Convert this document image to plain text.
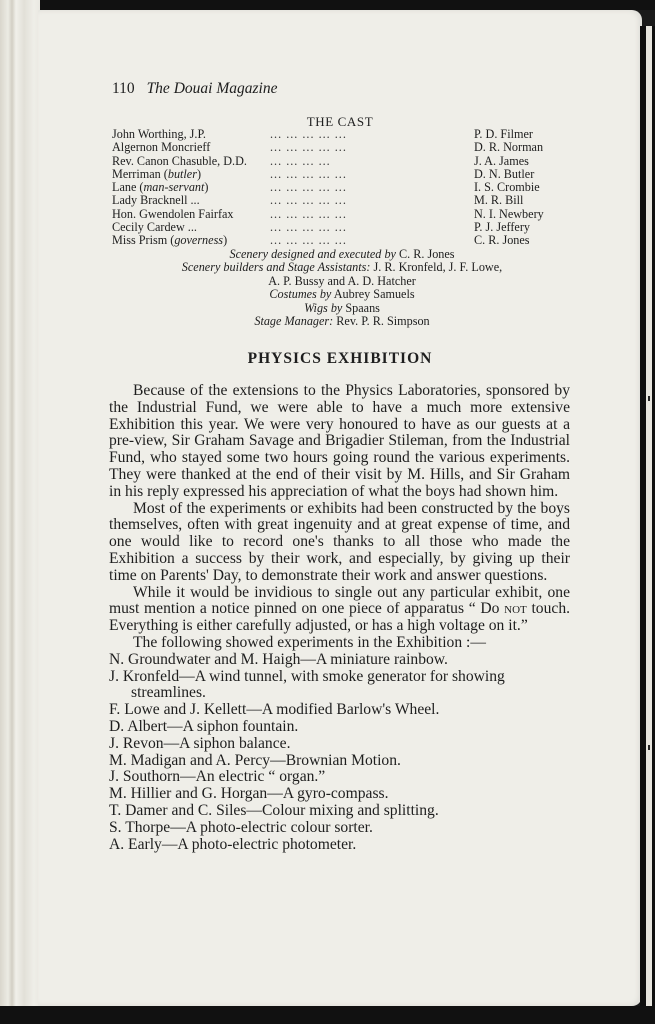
110 The Douai Magazine
THE CAST
John Worthing, J.P.	... ... ... ... ...	P. D. Filmer
Algernon Moncrieff	... ... ... ... ...	D. R. Norman
Rev. Canon Chasuble, D.D.	... ... ... ...	J. A. James
Merriman (butler)	... ... ... ... ...	D. N. Butler
Lane (man-servant)	... ... ... ... ...	I. S. Crombie
Lady Bracknell ...	... ... ... ... ...	M. R. Bill
Hon. Gwendolen Fairfax	... ... ... ... ...	N. I. Newbery
Cecily Cardew ...	... ... ... ... ...	P. J. Jeffery
Miss Prism (governess)	... ... ... ... ...	C. R. Jones
Scenery designed and executed by C. R. Jones
Scenery builders and Stage Assistants: J. R. Kronfeld, J. F. Lowe,
A. P. Bussy and A. D. Hatcher
Costumes by Aubrey Samuels
Wigs by Spaans
Stage Manager: Rev. P. R. Simpson
PHYSICS EXHIBITION

Because of the extensions to the Physics Laboratories, sponsored by the Industrial Fund, we were able to have a much more extensive Exhibition this year. We were very honoured to have as our guests at a pre-view, Sir Graham Savage and Brigadier Stileman, from the Industrial Fund, who stayed some two hours going round the various experiments. They were thanked at the end of their visit by M. Hills, and Sir Graham in his reply expressed his appreciation of what the boys had shown him.

Most of the experiments or exhibits had been constructed by the boys themselves, often with great ingenuity and at great expense of time, and one would like to record one's thanks to all those who made the Exhibition a success by their work, and especially, by giving up their time on Parents' Day, to demonstrate their work and answer questions.

While it would be invidious to single out any particular exhibit, one must mention a notice pinned on one piece of apparatus “ Do not touch. Everything is either carefully adjusted, or has a high voltage on it.”

The following showed experiments in the Exhibition :—

N. Groundwater and M. Haigh—A miniature rainbow.
J. Kronfeld—A wind tunnel, with smoke generator for showing streamlines.
F. Lowe and J. Kellett—A modified Barlow's Wheel.
D. Albert—A siphon fountain.
J. Revon—A siphon balance.
M. Madigan and A. Percy—Brownian Motion.
J. Southorn—An electric “ organ.”
M. Hillier and G. Horgan—A gyro-compass.
T. Damer and C. Siles—Colour mixing and splitting.
S. Thorpe—A photo-electric colour sorter.
A. Early—A photo-electric photometer.
